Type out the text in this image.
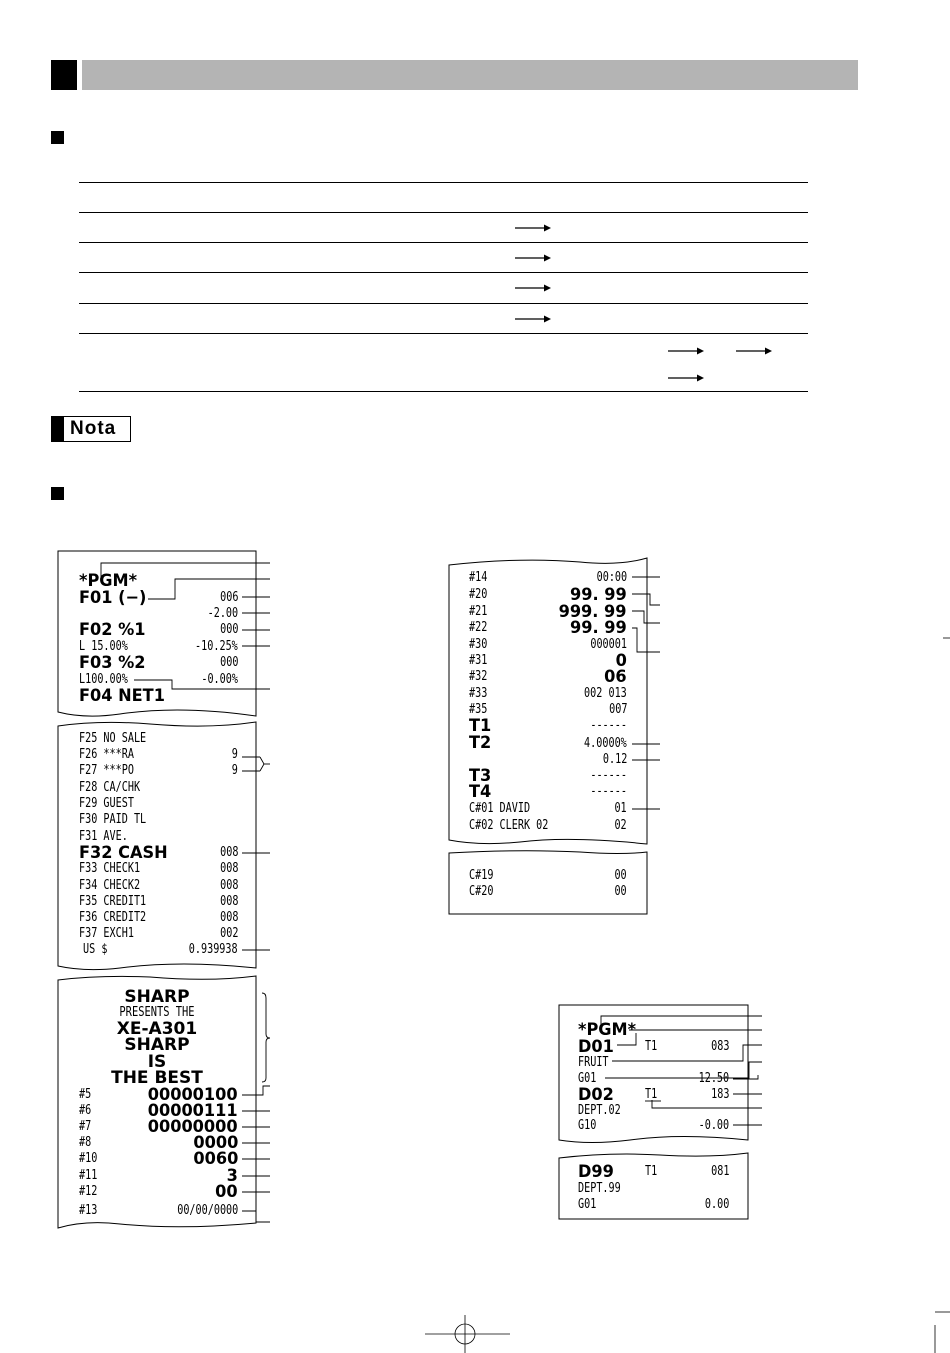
Nota
*PGM*
F01 (−)	006
-2.00
F02 %1	000
L 15.00%	-10.25%
F03 %2	000
L100.00%	-0.00%
F04 NET1
F25 NO SALE
F26 ***RA	9
F27 ***PO	9
F28 CA/CHK
F29 GUEST
F30 PAID TL
F31 AVE.
F32 CASH	008
F33 CHECK1	008
F34 CHECK2	008
F35 CREDIT1	008
F36 CREDIT2	008
F37 EXCH1	002
US $	0.939938
SHARP
PRESENTS THE
XE-A301
SHARP
IS
THE BEST
#5	00000100
#6	00000111
#7	00000000
#8	0000
#10	0060
#11	3
#12	00
#13	00/00/0000
#14	00:00
#20	99. 99
#21	999. 99
#22	99. 99
#30	000001
#31	0
#32	06
#33	002 013
#35	007
T1	------
T2	4.0000%
0.12
T3	------
T4	------
C#01 DAVID	01
C#02 CLERK 02	02
C#19	00
C#20	00
*PGM*
D01 T1	083
FRUIT
G01	12.50
D02 T1	183
DEPT.02
G10	-0.00
D99 T1	081
DEPT.99
G01	0.00
